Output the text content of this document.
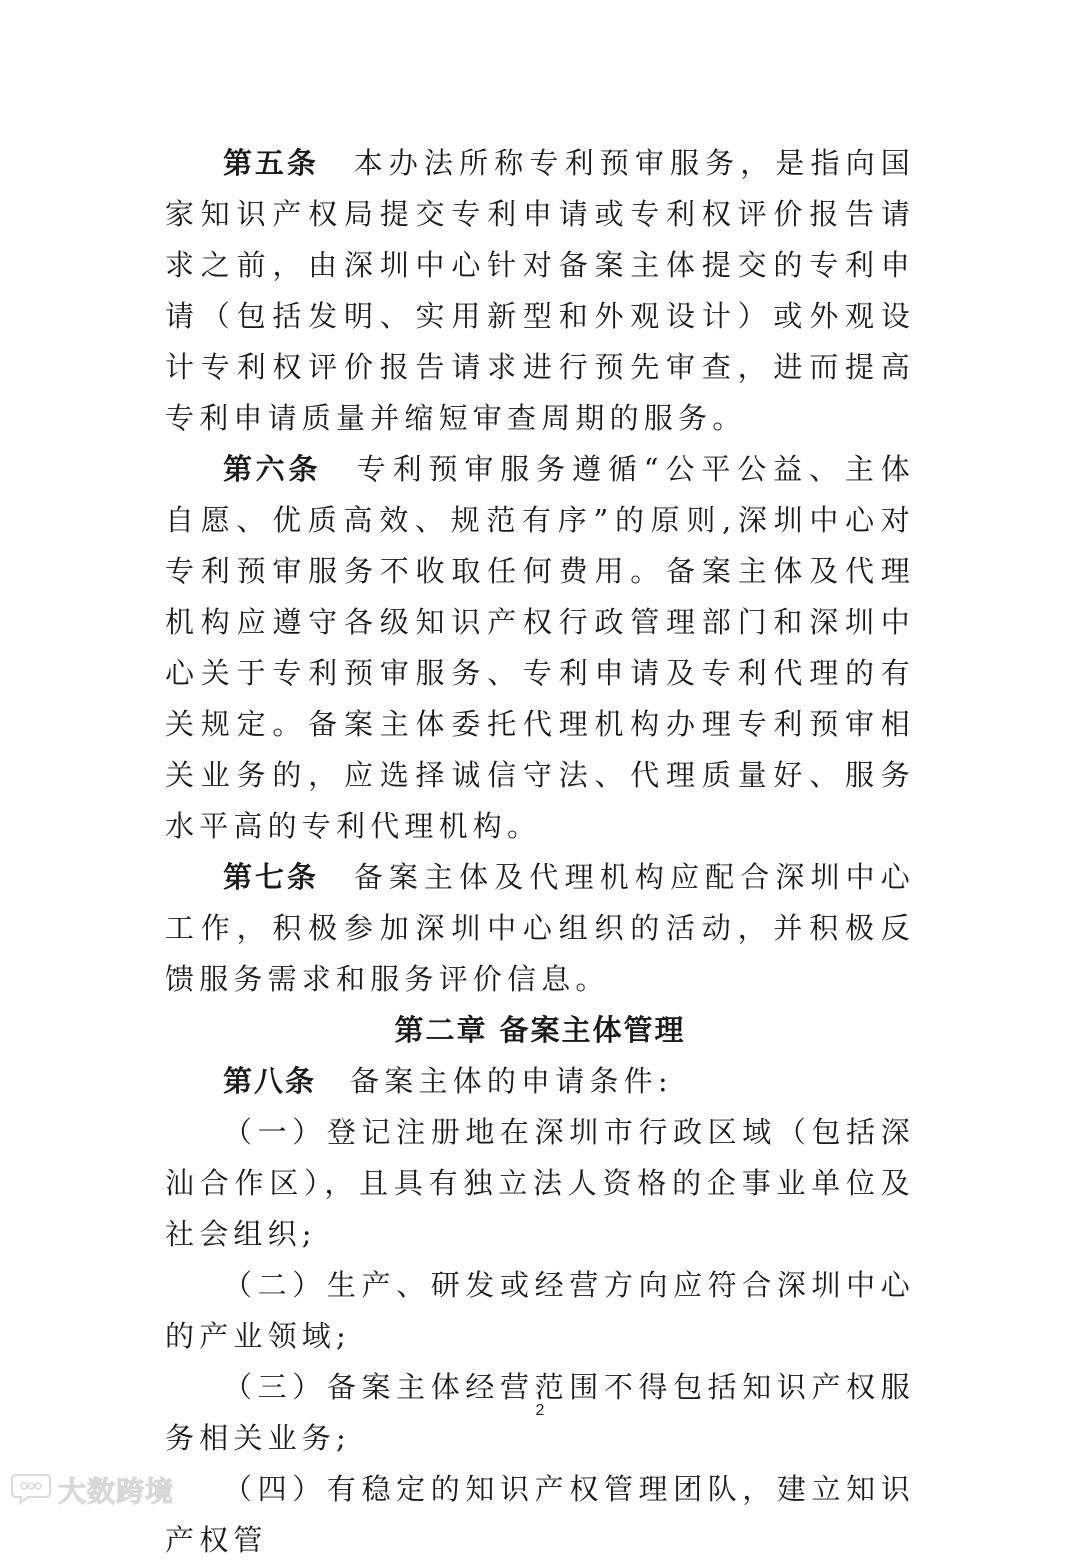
第五条 本办法所称专利预审服务，是指向国家知识产权局提交专利申请或专利权评价报告请求之前，由深圳中心针对备案主体提交的专利申请（包括发明、实用新型和外观设计）或外观设计专利权评价报告请求进行预先审查，进而提高专利申请质量并缩短审查周期的服务。

第六条 专利预审服务遵循“公平公益、主体自愿、优质高效、规范有序”的原则,深圳中心对专利预审服务不收取任何费用。备案主体及代理机构应遵守各级知识产权行政管理部门和深圳中心关于专利预审服务、专利申请及专利代理的有关规定。备案主体委托代理机构办理专利预审相关业务的，应选择诚信守法、代理质量好、服务水平高的专利代理机构。

第七条 备案主体及代理机构应配合深圳中心工作，积极参加深圳中心组织的活动，并积极反馈服务需求和服务评价信息。

第二章 备案主体管理

第八条 备案主体的申请条件:

（一）登记注册地在深圳市行政区域（包括深汕合作区），且具有独立法人资格的企事业单位及社会组织;

（二）生产、研发或经营方向应符合深圳中心的产业领域;

（三）备案主体经营范围不得包括知识产权服务相关业务;

（四）有稳定的知识产权管理团队，建立知识产权管

2
大数跨境
